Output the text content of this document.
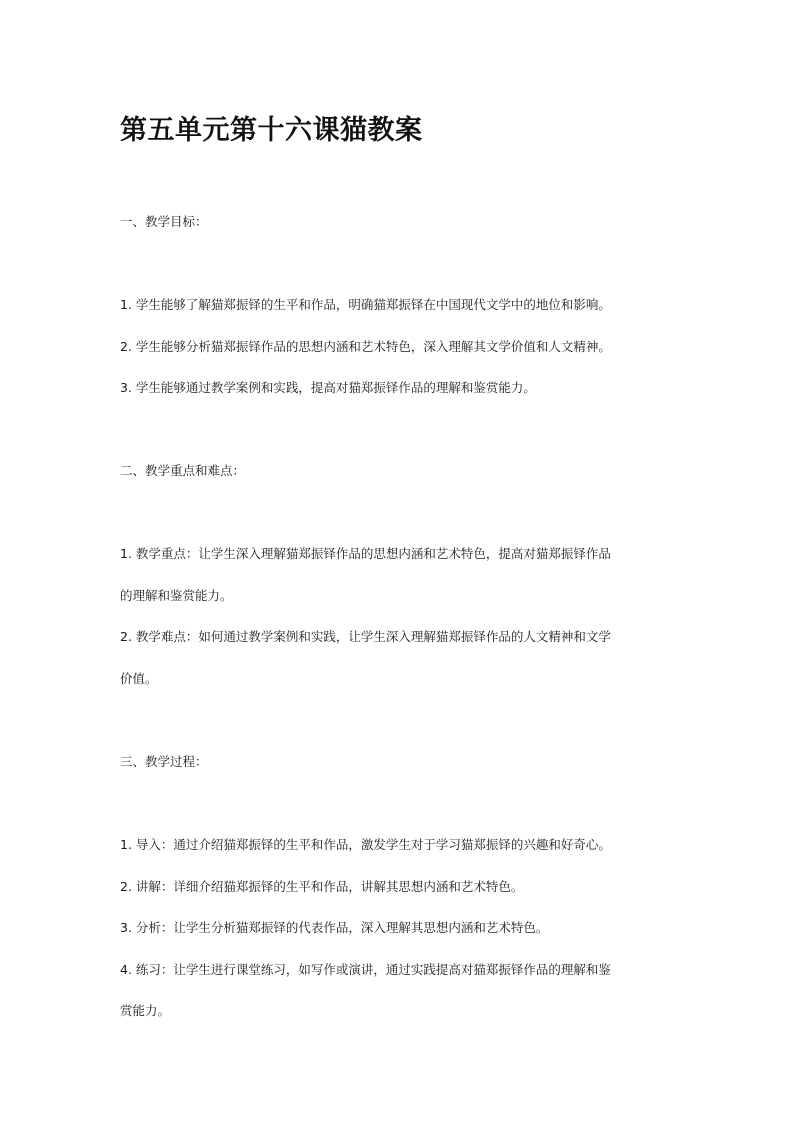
第五单元第十六课猫教案
一、教学目标：
1. 学生能够了解猫郑振铎的生平和作品，明确猫郑振铎在中国现代文学中的地位和影响。
2. 学生能够分析猫郑振铎作品的思想内涵和艺术特色，深入理解其文学价值和人文精神。
3. 学生能够通过教学案例和实践，提高对猫郑振铎作品的理解和鉴赏能力。
二、教学重点和难点：
1. 教学重点：让学生深入理解猫郑振铎作品的思想内涵和艺术特色，提高对猫郑振铎作品
的理解和鉴赏能力。
2. 教学难点：如何通过教学案例和实践，让学生深入理解猫郑振铎作品的人文精神和文学
价值。
三、教学过程：
1. 导入：通过介绍猫郑振铎的生平和作品，激发学生对于学习猫郑振铎的兴趣和好奇心。
2. 讲解：详细介绍猫郑振铎的生平和作品，讲解其思想内涵和艺术特色。
3. 分析：让学生分析猫郑振铎的代表作品，深入理解其思想内涵和艺术特色。
4. 练习：让学生进行课堂练习，如写作或演讲，通过实践提高对猫郑振铎作品的理解和鉴
赏能力。
